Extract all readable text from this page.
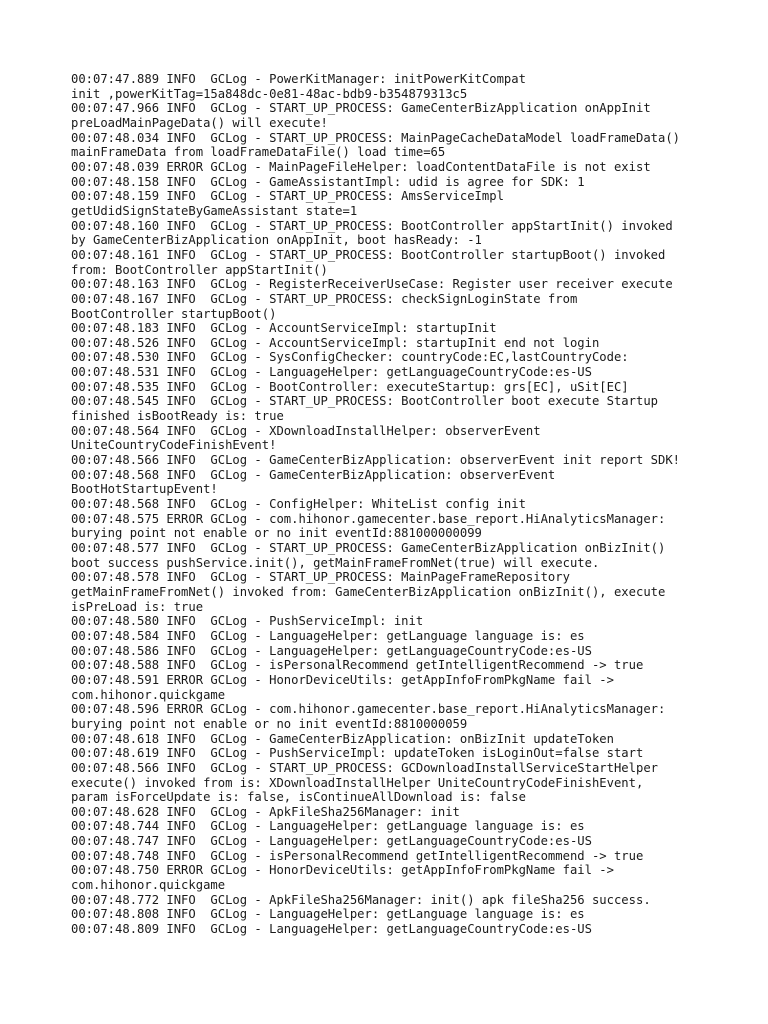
00:07:47.889 INFO  GCLog - PowerKitManager: initPowerKitCompat
init ,powerKitTag=15a848dc-0e81-48ac-bdb9-b354879313c5
00:07:47.966 INFO  GCLog - START_UP_PROCESS: GameCenterBizApplication onAppInit
preLoadMainPageData() will execute!
00:07:48.034 INFO  GCLog - START_UP_PROCESS: MainPageCacheDataModel loadFrameData()
mainFrameData from loadFrameDataFile() load time=65
00:07:48.039 ERROR GCLog - MainPageFileHelper: loadContentDataFile is not exist
00:07:48.158 INFO  GCLog - GameAssistantImpl: udid is agree for SDK: 1
00:07:48.159 INFO  GCLog - START_UP_PROCESS: AmsServiceImpl
getUdidSignStateByGameAssistant state=1
00:07:48.160 INFO  GCLog - START_UP_PROCESS: BootController appStartInit() invoked
by GameCenterBizApplication onAppInit, boot hasReady: -1
00:07:48.161 INFO  GCLog - START_UP_PROCESS: BootController startupBoot() invoked
from: BootController appStartInit()
00:07:48.163 INFO  GCLog - RegisterReceiverUseCase: Register user receiver execute
00:07:48.167 INFO  GCLog - START_UP_PROCESS: checkSignLoginState from
BootController startupBoot()
00:07:48.183 INFO  GCLog - AccountServiceImpl: startupInit
00:07:48.526 INFO  GCLog - AccountServiceImpl: startupInit end not login
00:07:48.530 INFO  GCLog - SysConfigChecker: countryCode:EC,lastCountryCode:
00:07:48.531 INFO  GCLog - LanguageHelper: getLanguageCountryCode:es-US
00:07:48.535 INFO  GCLog - BootController: executeStartup: grs[EC], uSit[EC]
00:07:48.545 INFO  GCLog - START_UP_PROCESS: BootController boot execute Startup
finished isBootReady is: true
00:07:48.564 INFO  GCLog - XDownloadInstallHelper: observerEvent
UniteCountryCodeFinishEvent!
00:07:48.566 INFO  GCLog - GameCenterBizApplication: observerEvent init report SDK!
00:07:48.568 INFO  GCLog - GameCenterBizApplication: observerEvent
BootHotStartupEvent!
00:07:48.568 INFO  GCLog - ConfigHelper: WhiteList config init
00:07:48.575 ERROR GCLog - com.hihonor.gamecenter.base_report.HiAnalyticsManager:
burying point not enable or no init eventId:881000000099
00:07:48.577 INFO  GCLog - START_UP_PROCESS: GameCenterBizApplication onBizInit()
boot success pushService.init(), getMainFrameFromNet(true) will execute.
00:07:48.578 INFO  GCLog - START_UP_PROCESS: MainPageFrameRepository
getMainFrameFromNet() invoked from: GameCenterBizApplication onBizInit(), execute
isPreLoad is: true
00:07:48.580 INFO  GCLog - PushServiceImpl: init
00:07:48.584 INFO  GCLog - LanguageHelper: getLanguage language is: es
00:07:48.586 INFO  GCLog - LanguageHelper: getLanguageCountryCode:es-US
00:07:48.588 INFO  GCLog - isPersonalRecommend getIntelligentRecommend -> true
00:07:48.591 ERROR GCLog - HonorDeviceUtils: getAppInfoFromPkgName fail ->
com.hihonor.quickgame
00:07:48.596 ERROR GCLog - com.hihonor.gamecenter.base_report.HiAnalyticsManager:
burying point not enable or no init eventId:8810000059
00:07:48.618 INFO  GCLog - GameCenterBizApplication: onBizInit updateToken
00:07:48.619 INFO  GCLog - PushServiceImpl: updateToken isLoginOut=false start
00:07:48.566 INFO  GCLog - START_UP_PROCESS: GCDownloadInstallServiceStartHelper
execute() invoked from is: XDownloadInstallHelper UniteCountryCodeFinishEvent,
param isForceUpdate is: false, isContinueAllDownload is: false
00:07:48.628 INFO  GCLog - ApkFileSha256Manager: init
00:07:48.744 INFO  GCLog - LanguageHelper: getLanguage language is: es
00:07:48.747 INFO  GCLog - LanguageHelper: getLanguageCountryCode:es-US
00:07:48.748 INFO  GCLog - isPersonalRecommend getIntelligentRecommend -> true
00:07:48.750 ERROR GCLog - HonorDeviceUtils: getAppInfoFromPkgName fail ->
com.hihonor.quickgame
00:07:48.772 INFO  GCLog - ApkFileSha256Manager: init() apk fileSha256 success.
00:07:48.808 INFO  GCLog - LanguageHelper: getLanguage language is: es
00:07:48.809 INFO  GCLog - LanguageHelper: getLanguageCountryCode:es-US
